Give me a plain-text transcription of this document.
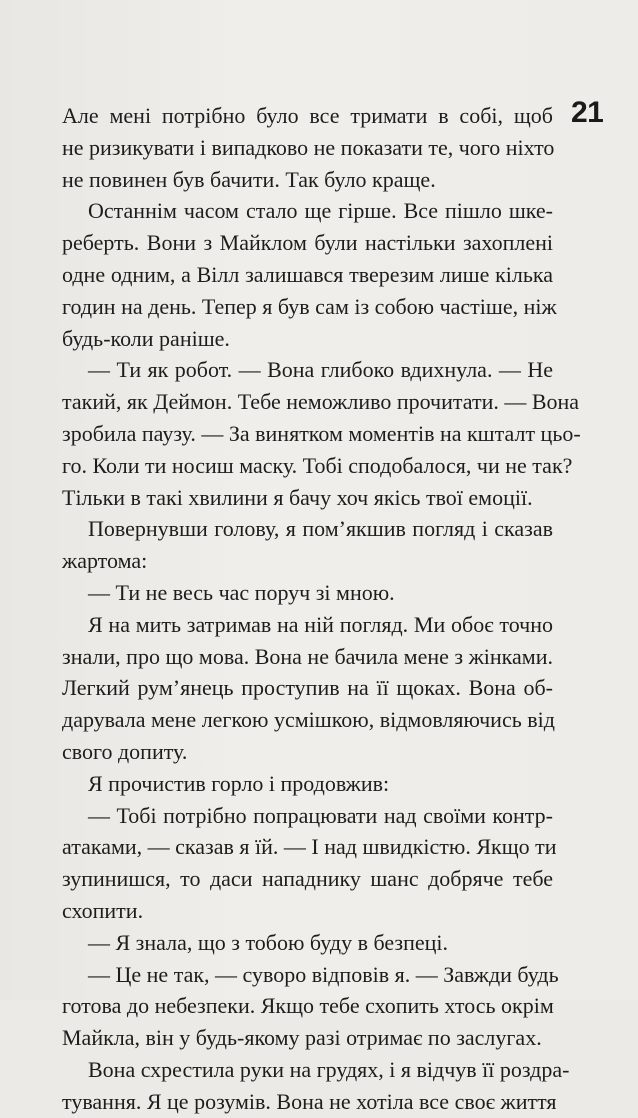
21
Але мені потрібно було все тримати в собі, щоб
не ризикувати і випадково не показати те, чого ніхто
не повинен був бачити. Так було краще.
Останнім часом стало ще гірше. Все пішло шке-
реберть. Вони з Майклом були настільки захоплені
одне одним, а Вілл залишався тверезим лише кілька
годин на день. Тепер я був сам із собою частіше, ніж
будь-коли раніше.
— Ти як робот. — Вона глибоко вдихнула. — Не
такий, як Деймон. Тебе неможливо прочитати. — Вона
зробила паузу. — За винятком моментів на кшталт цьо-
го. Коли ти носиш маску. Тобі сподобалося, чи не так?
Тільки в такі хвилини я бачу хоч якісь твої емоції.
Повернувши голову, я пом’якшив погляд і сказав
жартома:
— Ти не весь час поруч зі мною.
Я на мить затримав на ній погляд. Ми обоє точно
знали, про що мова. Вона не бачила мене з жінками.
Легкий рум’янець проступив на її щоках. Вона об-
дарувала мене легкою усмішкою, відмовляючись від
свого допиту.
Я прочистив горло і продовжив:
— Тобі потрібно попрацювати над своїми контр-
атаками, — сказав я їй. — І над швидкістю. Якщо ти
зупинишся, то даси нападнику шанс добряче тебе
схопити.
— Я знала, що з тобою буду в безпеці.
— Це не так, — суворо відповів я. — Завжди будь
готова до небезпеки. Якщо тебе схопить хтось окрім
Майкла, він у будь-якому разі отримає по заслугах.
Вона схрестила руки на грудях, і я відчув її роздра-
тування. Я це розумів. Вона не хотіла все своє життя
